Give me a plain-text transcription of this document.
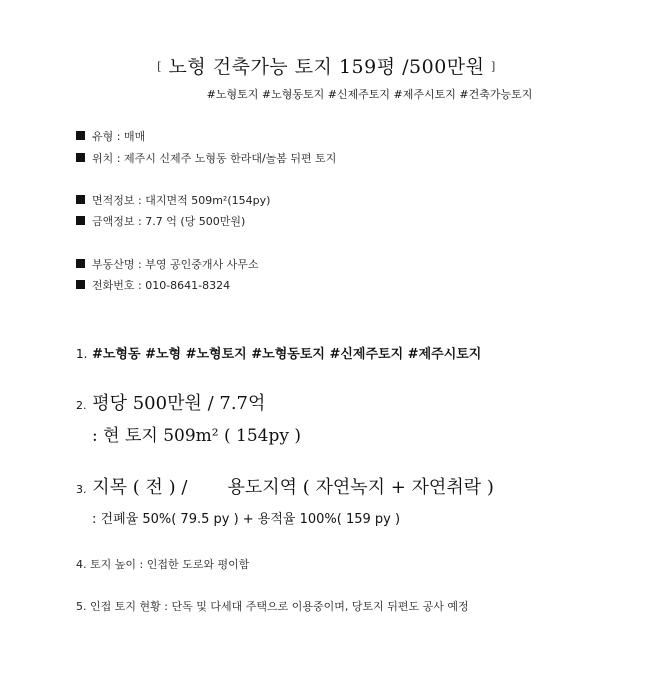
[ 노형 건축가능 토지 159평 /500만원 ]
#노형토지 #노형동토지 #신제주토지 #제주시토지 #건축가능토지
유형 : 매매
위치 : 제주시 신제주 노형동 한라대/놀봄 뒤편 토지
면적정보 : 대지면적 509m²(154py)
금액정보 : 7.7 억 (당 500만원)
부동산명 : 부영 공인중개사 사무소
전화번호 : 010-8641-8324
1. #노형동 #노형 #노형토지 #노형동토지 #신제주토지 #제주시토지
2. 평당 500만원 / 7.7억
: 현 토지 509m² ( 154py )
3. 지목 ( 전 ) /       용도지역 ( 자연녹지 + 자연취락 )
: 건폐율 50%( 79.5 py ) + 용적율 100%( 159 py )
4. 토지 높이 : 인접한 도로와 평이함
5. 인접 토지 현황 : 단독 및 다세대 주택으로 이용중이며, 당토지 뒤편도 공사 예정
